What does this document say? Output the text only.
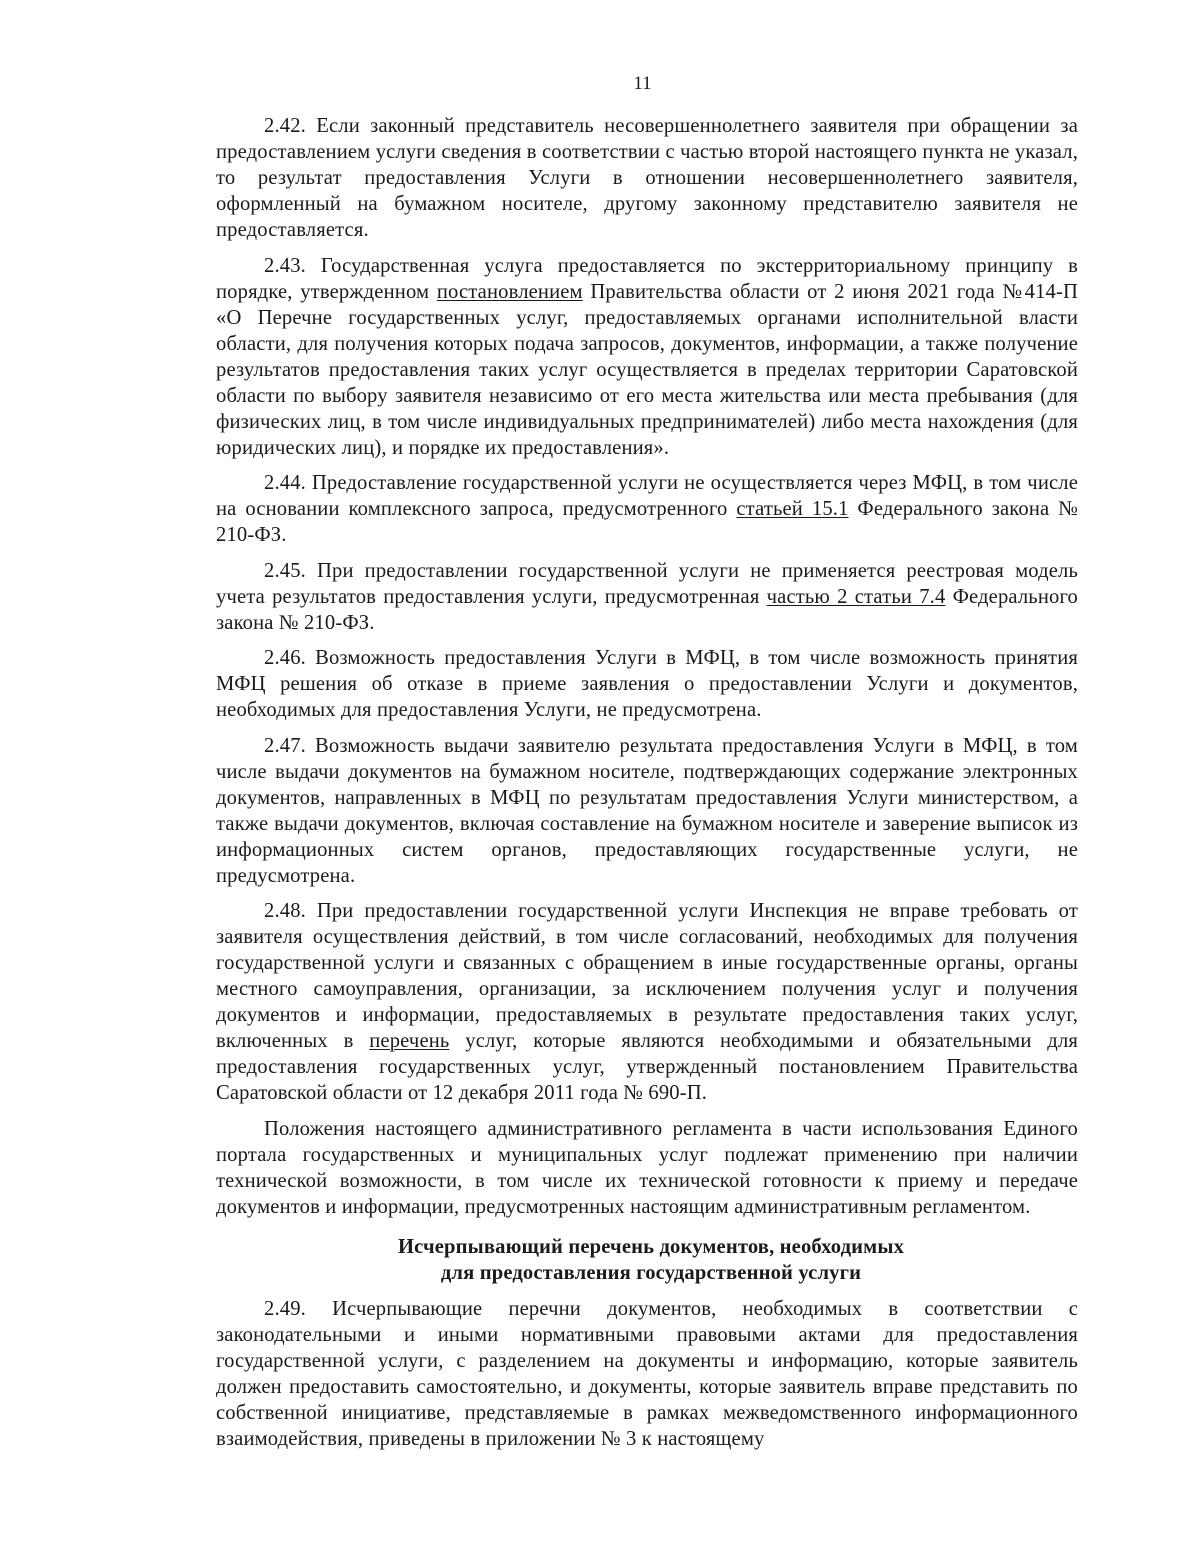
11

2.42. Если законный представитель несовершеннолетнего заявителя при обращении за предоставлением услуги сведения в соответствии с частью второй настоящего пункта не указал, то результат предоставления Услуги в отношении несовершеннолетнего заявителя, оформленный на бумажном носителе, другому законному представителю заявителя не предоставляется.

2.43. Государственная услуга предоставляется по экстерриториальному принципу в порядке, утвержденном постановлением Правительства области от 2 июня 2021 года №414-П «О Перечне государственных услуг, предоставляемых органами исполнительной власти области, для получения которых подача запросов, документов, информации, а также получение результатов предоставления таких услуг осуществляется в пределах территории Саратовской области по выбору заявителя независимо от его места жительства или места пребывания (для физических лиц, в том числе индивидуальных предпринимателей) либо места нахождения (для юридических лиц), и порядке их предоставления».

2.44. Предоставление государственной услуги не осуществляется через МФЦ, в том числе на основании комплексного запроса, предусмотренного статьей 15.1 Федерального закона № 210-ФЗ.

2.45. При предоставлении государственной услуги не применяется реестровая модель учета результатов предоставления услуги, предусмотренная частью 2 статьи 7.4 Федерального закона № 210-ФЗ.

2.46. Возможность предоставления Услуги в МФЦ, в том числе возможность принятия МФЦ решения об отказе в приеме заявления о предоставлении Услуги и документов, необходимых для предоставления Услуги, не предусмотрена.

2.47. Возможность выдачи заявителю результата предоставления Услуги в МФЦ, в том числе выдачи документов на бумажном носителе, подтверждающих содержание электронных документов, направленных в МФЦ по результатам предоставления Услуги министерством, а также выдачи документов, включая составление на бумажном носителе и заверение выписок из информационных систем органов, предоставляющих государственные услуги, не предусмотрена.

2.48. При предоставлении государственной услуги Инспекция не вправе требовать от заявителя осуществления действий, в том числе согласований, необходимых для получения государственной услуги и связанных с обращением в иные государственные органы, органы местного самоуправления, организации, за исключением получения услуг и получения документов и информации, предоставляемых в результате предоставления таких услуг, включенных в перечень услуг, которые являются необходимыми и обязательными для предоставления государственных услуг, утвержденный постановлением Правительства Саратовской области от 12 декабря 2011 года № 690-П.

Положения настоящего административного регламента в части использования Единого портала государственных и муниципальных услуг подлежат применению при наличии технической возможности, в том числе их технической готовности к приему и передаче документов и информации, предусмотренных настоящим административным регламентом.

Исчерпывающий перечень документов, необходимых
для предоставления государственной услуги

2.49. Исчерпывающие перечни документов, необходимых в соответствии с законодательными и иными нормативными правовыми актами для предоставления государственной услуги, с разделением на документы и информацию, которые заявитель должен предоставить самостоятельно, и документы, которые заявитель вправе представить по собственной инициативе, представляемые в рамках межведомственного информационного взаимодействия, приведены в приложении № 3 к настоящему
